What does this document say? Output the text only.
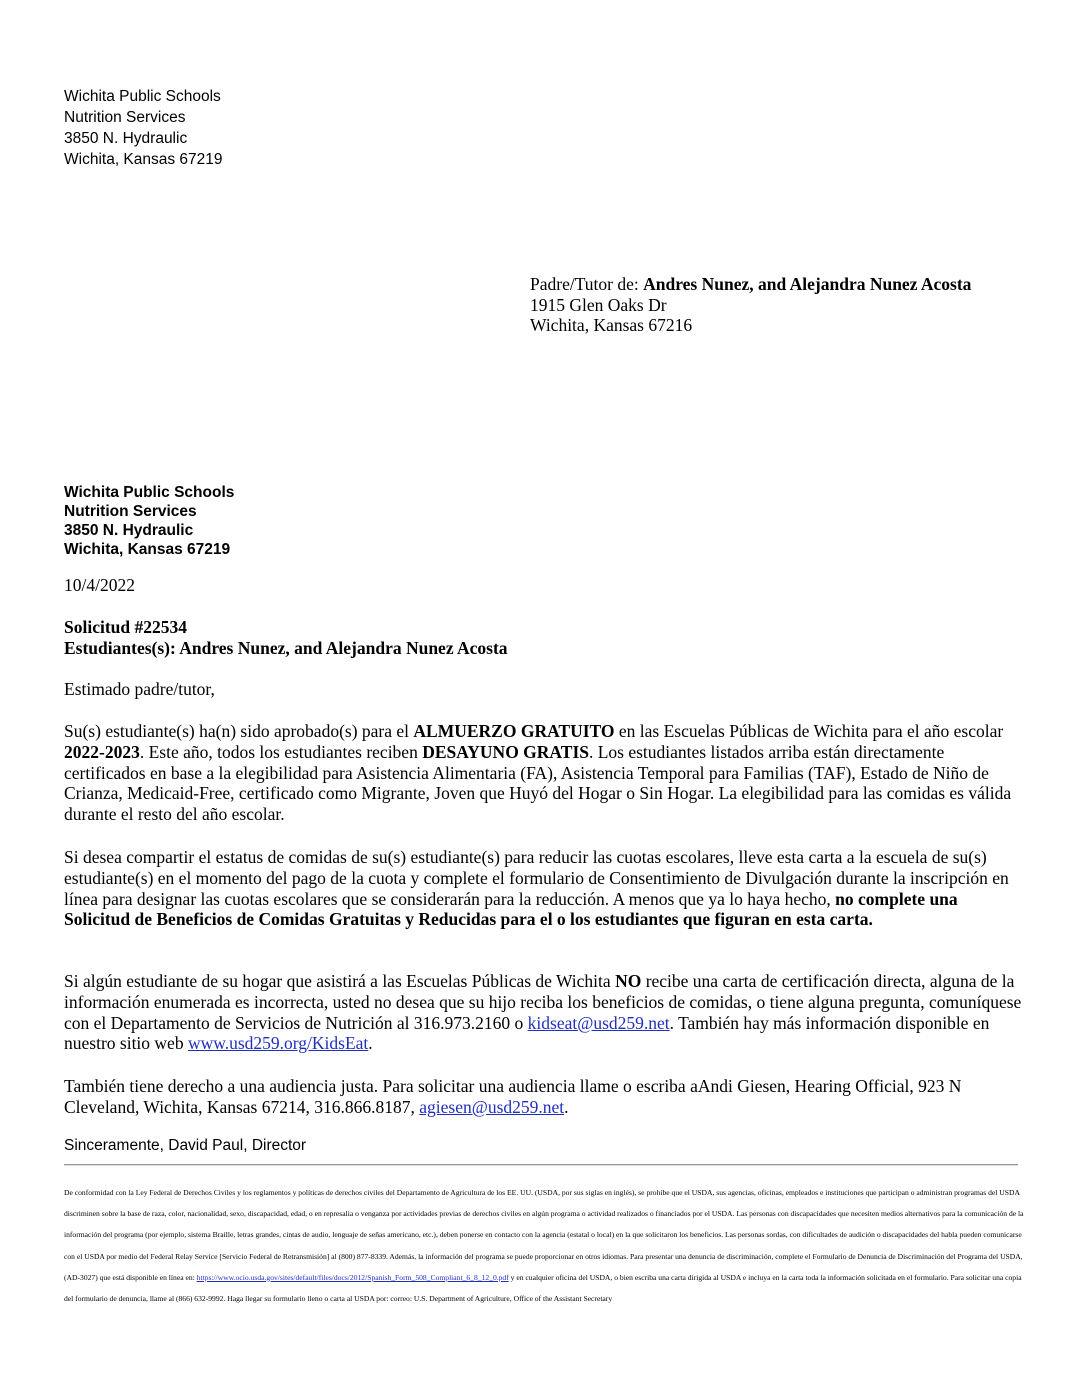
Wichita Public Schools
Nutrition Services
3850 N. Hydraulic
Wichita, Kansas 67219
Padre/Tutor de: Andres Nunez, and Alejandra Nunez Acosta
1915 Glen Oaks Dr
Wichita, Kansas 67216
Wichita Public Schools
Nutrition Services
3850 N. Hydraulic
Wichita, Kansas 67219
10/4/2022
Solicitud #22534
Estudiantes(s): Andres Nunez, and Alejandra Nunez Acosta
Estimado padre/tutor,
Su(s) estudiante(s) ha(n) sido aprobado(s) para el ALMUERZO GRATUITO en las Escuelas Públicas de Wichita para el año escolar 2022-2023. Este año, todos los estudiantes reciben DESAYUNO GRATIS. Los estudiantes listados arriba están directamente certificados en base a la elegibilidad para Asistencia Alimentaria (FA), Asistencia Temporal para Familias (TAF), Estado de Niño de Crianza, Medicaid-Free, certificado como Migrante, Joven que Huyó del Hogar o Sin Hogar. La elegibilidad para las comidas es válida durante el resto del año escolar.
Si desea compartir el estatus de comidas de su(s) estudiante(s) para reducir las cuotas escolares, lleve esta carta a la escuela de su(s) estudiante(s) en el momento del pago de la cuota y complete el formulario de Consentimiento de Divulgación durante la inscripción en línea para designar las cuotas escolares que se considerarán para la reducción. A menos que ya lo haya hecho, no complete una Solicitud de Beneficios de Comidas Gratuitas y Reducidas para el o los estudiantes que figuran en esta carta.
Si algún estudiante de su hogar que asistirá a las Escuelas Públicas de Wichita NO recibe una carta de certificación directa, alguna de la información enumerada es incorrecta, usted no desea que su hijo reciba los beneficios de comidas, o tiene alguna pregunta, comuníquese con el Departamento de Servicios de Nutrición al 316.973.2160 o kidseat@usd259.net. También hay más información disponible en nuestro sitio web www.usd259.org/KidsEat.
También tiene derecho a una audiencia justa. Para solicitar una audiencia llame o escriba aAndi Giesen, Hearing Official, 923 N Cleveland, Wichita, Kansas 67214, 316.866.8187, agiesen@usd259.net.
Sinceramente, David Paul, Director
De conformidad con la Ley Federal de Derechos Civiles y los reglamentos y políticas de derechos civiles del Departamento de Agricultura de los EE. UU. (USDA, por sus siglas en inglés), se prohíbe que el USDA, sus agencias, oficinas, empleados e instituciones que participan o administran programas del USDA discriminen sobre la base de raza, color, nacionalidad, sexo, discapacidad, edad, o en represalia o venganza por actividades previas de derechos civiles en algún programa o actividad realizados o financiados por el USDA. Las personas con discapacidades que necesiten medios alternativos para la comunicación de la información del programa (por ejemplo, sistema Braille, letras grandes, cintas de audio, lenguaje de señas americano, etc.), deben ponerse en contacto con la agencia (estatal o local) en la que solicitaron los beneficios. Las personas sordas, con dificultades de audición o discapacidades del habla pueden comunicarse con el USDA por medio del Federal Relay Service [Servicio Federal de Retransmisión] al (800) 877-8339. Además, la información del programa se puede proporcionar en otros idiomas. Para presentar una denuncia de discriminación, complete el Formulario de Denuncia de Discriminación del Programa del USDA, (AD-3027) que está disponible en línea en: https://www.ocio.usda.gov/sites/default/files/docs/2012/Spanish_Form_508_Compliant_6_8_12_0.pdf y en cualquier oficina del USDA, o bien escriba una carta dirigida al USDA e incluya en la carta toda la información solicitada en el formulario. Para solicitar una copia del formulario de denuncia, llame al (866) 632-9992. Haga llegar su formulario lleno o carta al USDA por: correo: U.S. Department of Agriculture, Office of the Assistant Secretary
